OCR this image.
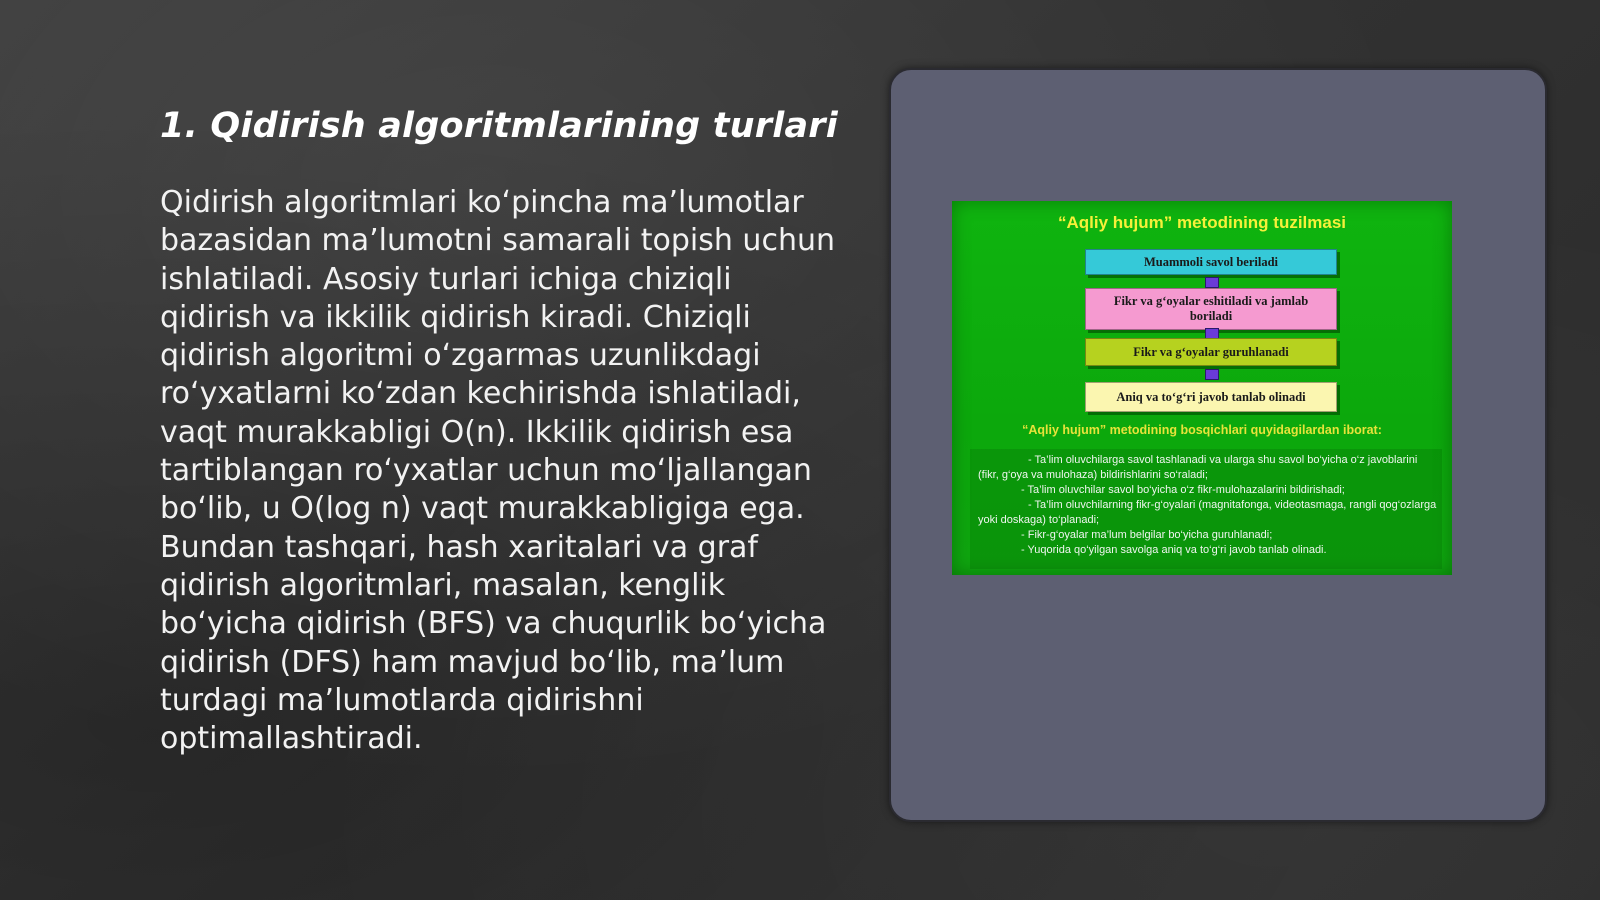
1. Qidirish algoritmlarining turlari

Qidirish algoritmlari ko‘pincha ma’lumotlar bazasidan ma’lumotni samarali topish uchun ishlatiladi. Asosiy turlari ichiga chiziqli qidirish va ikkilik qidirish kiradi. Chiziqli qidirish algoritmi o‘zgarmas uzunlikdagi ro‘yxatlarni ko‘zdan kechirishda ishlatiladi, vaqt murakkabligi O(n). Ikkilik qidirish esa tartiblangan ro‘yxatlar uchun mo‘ljallangan bo‘lib, u O(log n) vaqt murakkabligiga ega. Bundan tashqari, hash xaritalari va graf qidirish algoritmlari, masalan, kenglik bo‘yicha qidirish (BFS) va chuqurlik bo‘yicha qidirish (DFS) ham mavjud bo‘lib, ma’lum turdagi ma’lumotlarda qidirishni optimallashtiradi.

“Aqliy hujum” metodining tuzilmasi
Muammoli savol beriladi
Fikr va g‘oyalar eshitiladi va jamlab boriladi
Fikr va g‘oyalar guruhlanadi
Aniq va to‘g‘ri javob tanlab olinadi
“Aqliy hujum” metodining bosqichlari quyidagilardan iborat:
- Ta’lim oluvchilarga savol tashlanadi va ularga shu savol bo‘yicha o‘z javoblarini (fikr, g‘oya va mulohaza) bildirishlarini so‘raladi;
- Ta’lim oluvchilar savol bo‘yicha o‘z fikr-mulohazalarini bildirishadi;
- Ta’lim oluvchilarning fikr-g‘oyalari (magnitafonga, videotasmaga, rangli qog‘ozlarga yoki doskaga) to‘planadi;
- Fikr-g‘oyalar ma’lum belgilar bo‘yicha guruhlanadi;
- Yuqorida qo‘yilgan savolga aniq va to‘g‘ri javob tanlab olinadi.
